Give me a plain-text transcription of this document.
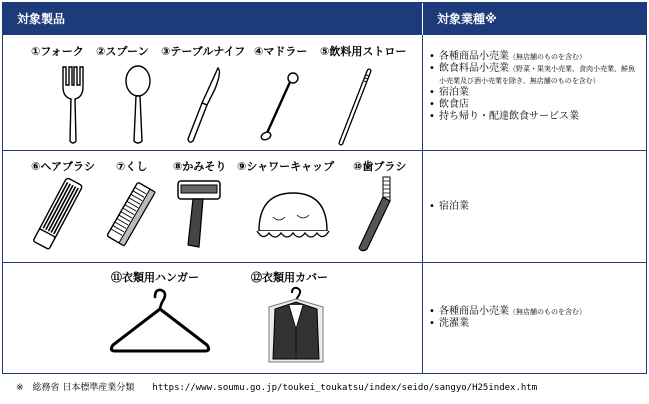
対象製品	対象業種※
①フォーク ②スプーン ③テーブルナイフ ④マドラー ⑤飲料用ストロー
•	各種商品小売業（無店舗のものを含む）
• 飲食料品小売業（野菜・果実小売業、食肉小売業、鮮魚小売業及び酒小売業を除き、無店舗のものを含む）
• 宿泊業
• 飲食店
• 持ち帰り・配達飲食サービス業
⑥ヘアブラシ ⑦くし ⑧かみそり ⑨シャワーキャップ ⑩歯ブラシ
• 宿泊業
⑪衣類用ハンガー	⑫衣類用カバー
• 各種商品小売業（無店舗のものを含む）
• 洗濯業
※　総務省 日本標準産業分類 https://www.soumu.go.jp/toukei_toukatsu/index/seido/sangyo/H25index.htm
